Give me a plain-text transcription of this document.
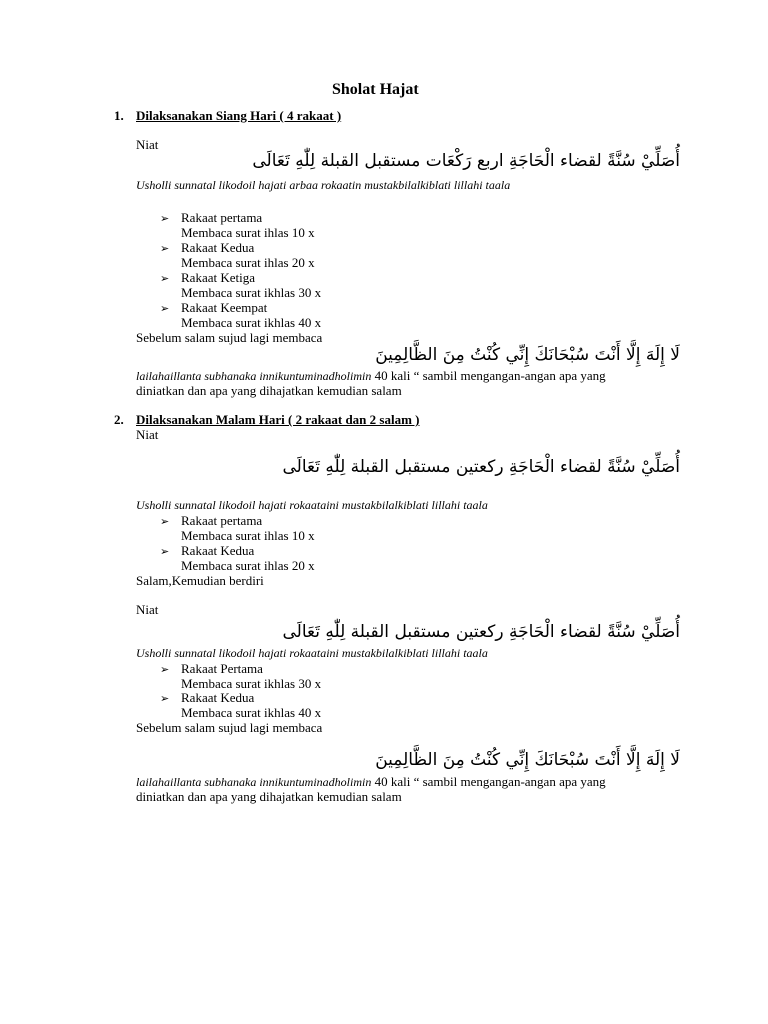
Sholat Hajat
1. Dilaksanakan Siang Hari ( 4 rakaat )
Niat
أُصَلِّيْ سُنَّةً لقضاء الْحَاجَةِ اربع رَكْعَات مستقبل القبلة لِلّٰهِ تَعَالَى
Usholli sunnatal likodoil hajati arbaa rokaatin mustakbilalkiblati lillahi taala
➢ Rakaat pertama
Membaca surat ihlas 10 x
➢ Rakaat Kedua
Membaca surat ihlas 20 x
➢ Rakaat Ketiga
Membaca surat ikhlas 30 x
➢ Rakaat Keempat
Membaca surat ikhlas 40 x
Sebelum salam sujud lagi membaca
لَا إِلَهَ إِلَّا أَنْتَ سُبْحَانَكَ إِنِّي كُنْتُ مِنَ الظَّالِمِينَ
lailahaillanta subhanaka innikuntuminadholimin 40 kali “ sambil mengangan-angan apa yang
diniatkan dan apa yang dihajatkan kemudian salam
2. Dilaksanakan Malam Hari ( 2 rakaat dan 2 salam )
Niat
أُصَلِّيْ سُنَّةً لقضاء الْحَاجَةِ ركعتين مستقبل القبلة لِلّٰهِ تَعَالَى
Usholli sunnatal likodoil hajati rokaataini mustakbilalkiblati lillahi taala
➢ Rakaat pertama
Membaca surat ihlas 10 x
➢ Rakaat Kedua
Membaca surat ihlas 20 x
Salam,Kemudian berdiri
Niat
أُصَلِّيْ سُنَّةً لقضاء الْحَاجَةِ ركعتين مستقبل القبلة لِلّٰهِ تَعَالَى
Usholli sunnatal likodoil hajati rokaataini mustakbilalkiblati lillahi taala
➢ Rakaat Pertama
Membaca surat ikhlas 30 x
➢ Rakaat Kedua
Membaca surat ikhlas 40 x
Sebelum salam sujud lagi membaca
لَا إِلَهَ إِلَّا أَنْتَ سُبْحَانَكَ إِنِّي كُنْتُ مِنَ الظَّالِمِينَ
lailahaillanta subhanaka innikuntuminadholimin 40 kali “ sambil mengangan-angan apa yang
diniatkan dan apa yang dihajatkan kemudian salam
